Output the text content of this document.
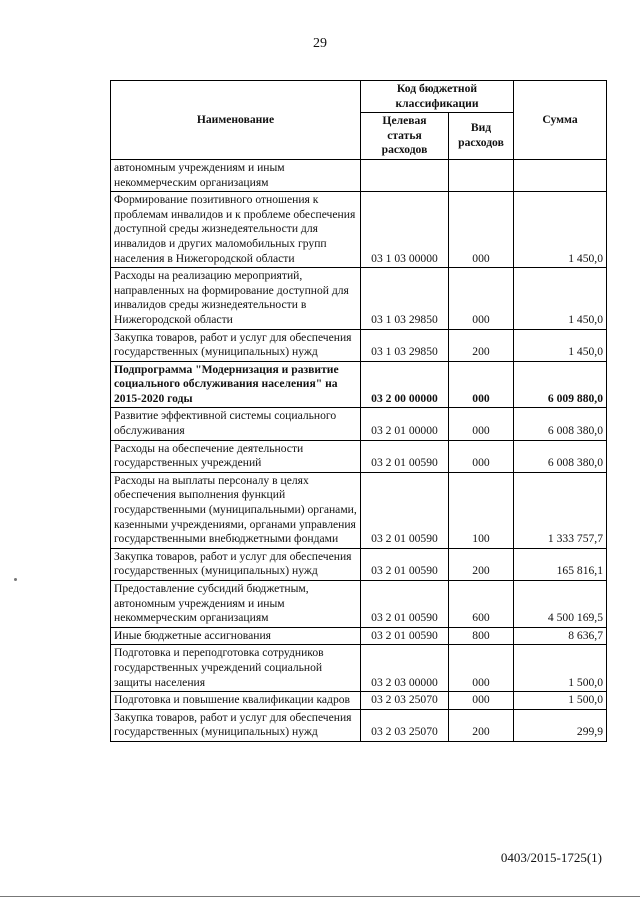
29
Наименование	Код бюджетной классификации		Сумма
	Целевая статья расходов	Вид расходов	
автономным учреждениям и иным некоммерческим организациям			
Формирование позитивного отношения к проблемам инвалидов и к проблеме обеспечения доступной среды жизнедеятельности для инвалидов и других маломобильных групп населения в Нижегородской области	03 1 03 00000	000	1 450,0
Расходы на реализацию мероприятий, направленных на формирование доступной для инвалидов среды жизнедеятельности в Нижегородской области	03 1 03 29850	000	1 450,0
Закупка товаров, работ и услуг для обеспечения государственных (муниципальных) нужд	03 1 03 29850	200	1 450,0
Подпрограмма "Модернизация и развитие социального обслуживания населения" на 2015-2020 годы	03 2 00 00000	000	6 009 880,0
Развитие эффективной системы социального обслуживания	03 2 01 00000	000	6 008 380,0
Расходы на обеспечение деятельности государственных учреждений	03 2 01 00590	000	6 008 380,0
Расходы на выплаты персоналу в целях обеспечения выполнения функций государственными (муниципальными) органами, казенными учреждениями, органами управления государственными внебюджетными фондами	03 2 01 00590	100	1 333 757,7
Закупка товаров, работ и услуг для обеспечения государственных (муниципальных) нужд	03 2 01 00590	200	165 816,1
Предоставление субсидий бюджетным, автономным учреждениям и иным некоммерческим организациям	03 2 01 00590	600	4 500 169,5
Иные бюджетные ассигнования	03 2 01 00590	800	8 636,7
Подготовка и переподготовка сотрудников государственных учреждений социальной защиты населения	03 2 03 00000	000	1 500,0
Подготовка и повышение квалификации кадров	03 2 03 25070	000	1 500,0
Закупка товаров, работ и услуг для обеспечения государственных (муниципальных) нужд	03 2 03 25070	200	299,9
0403/2015-1725(1)
